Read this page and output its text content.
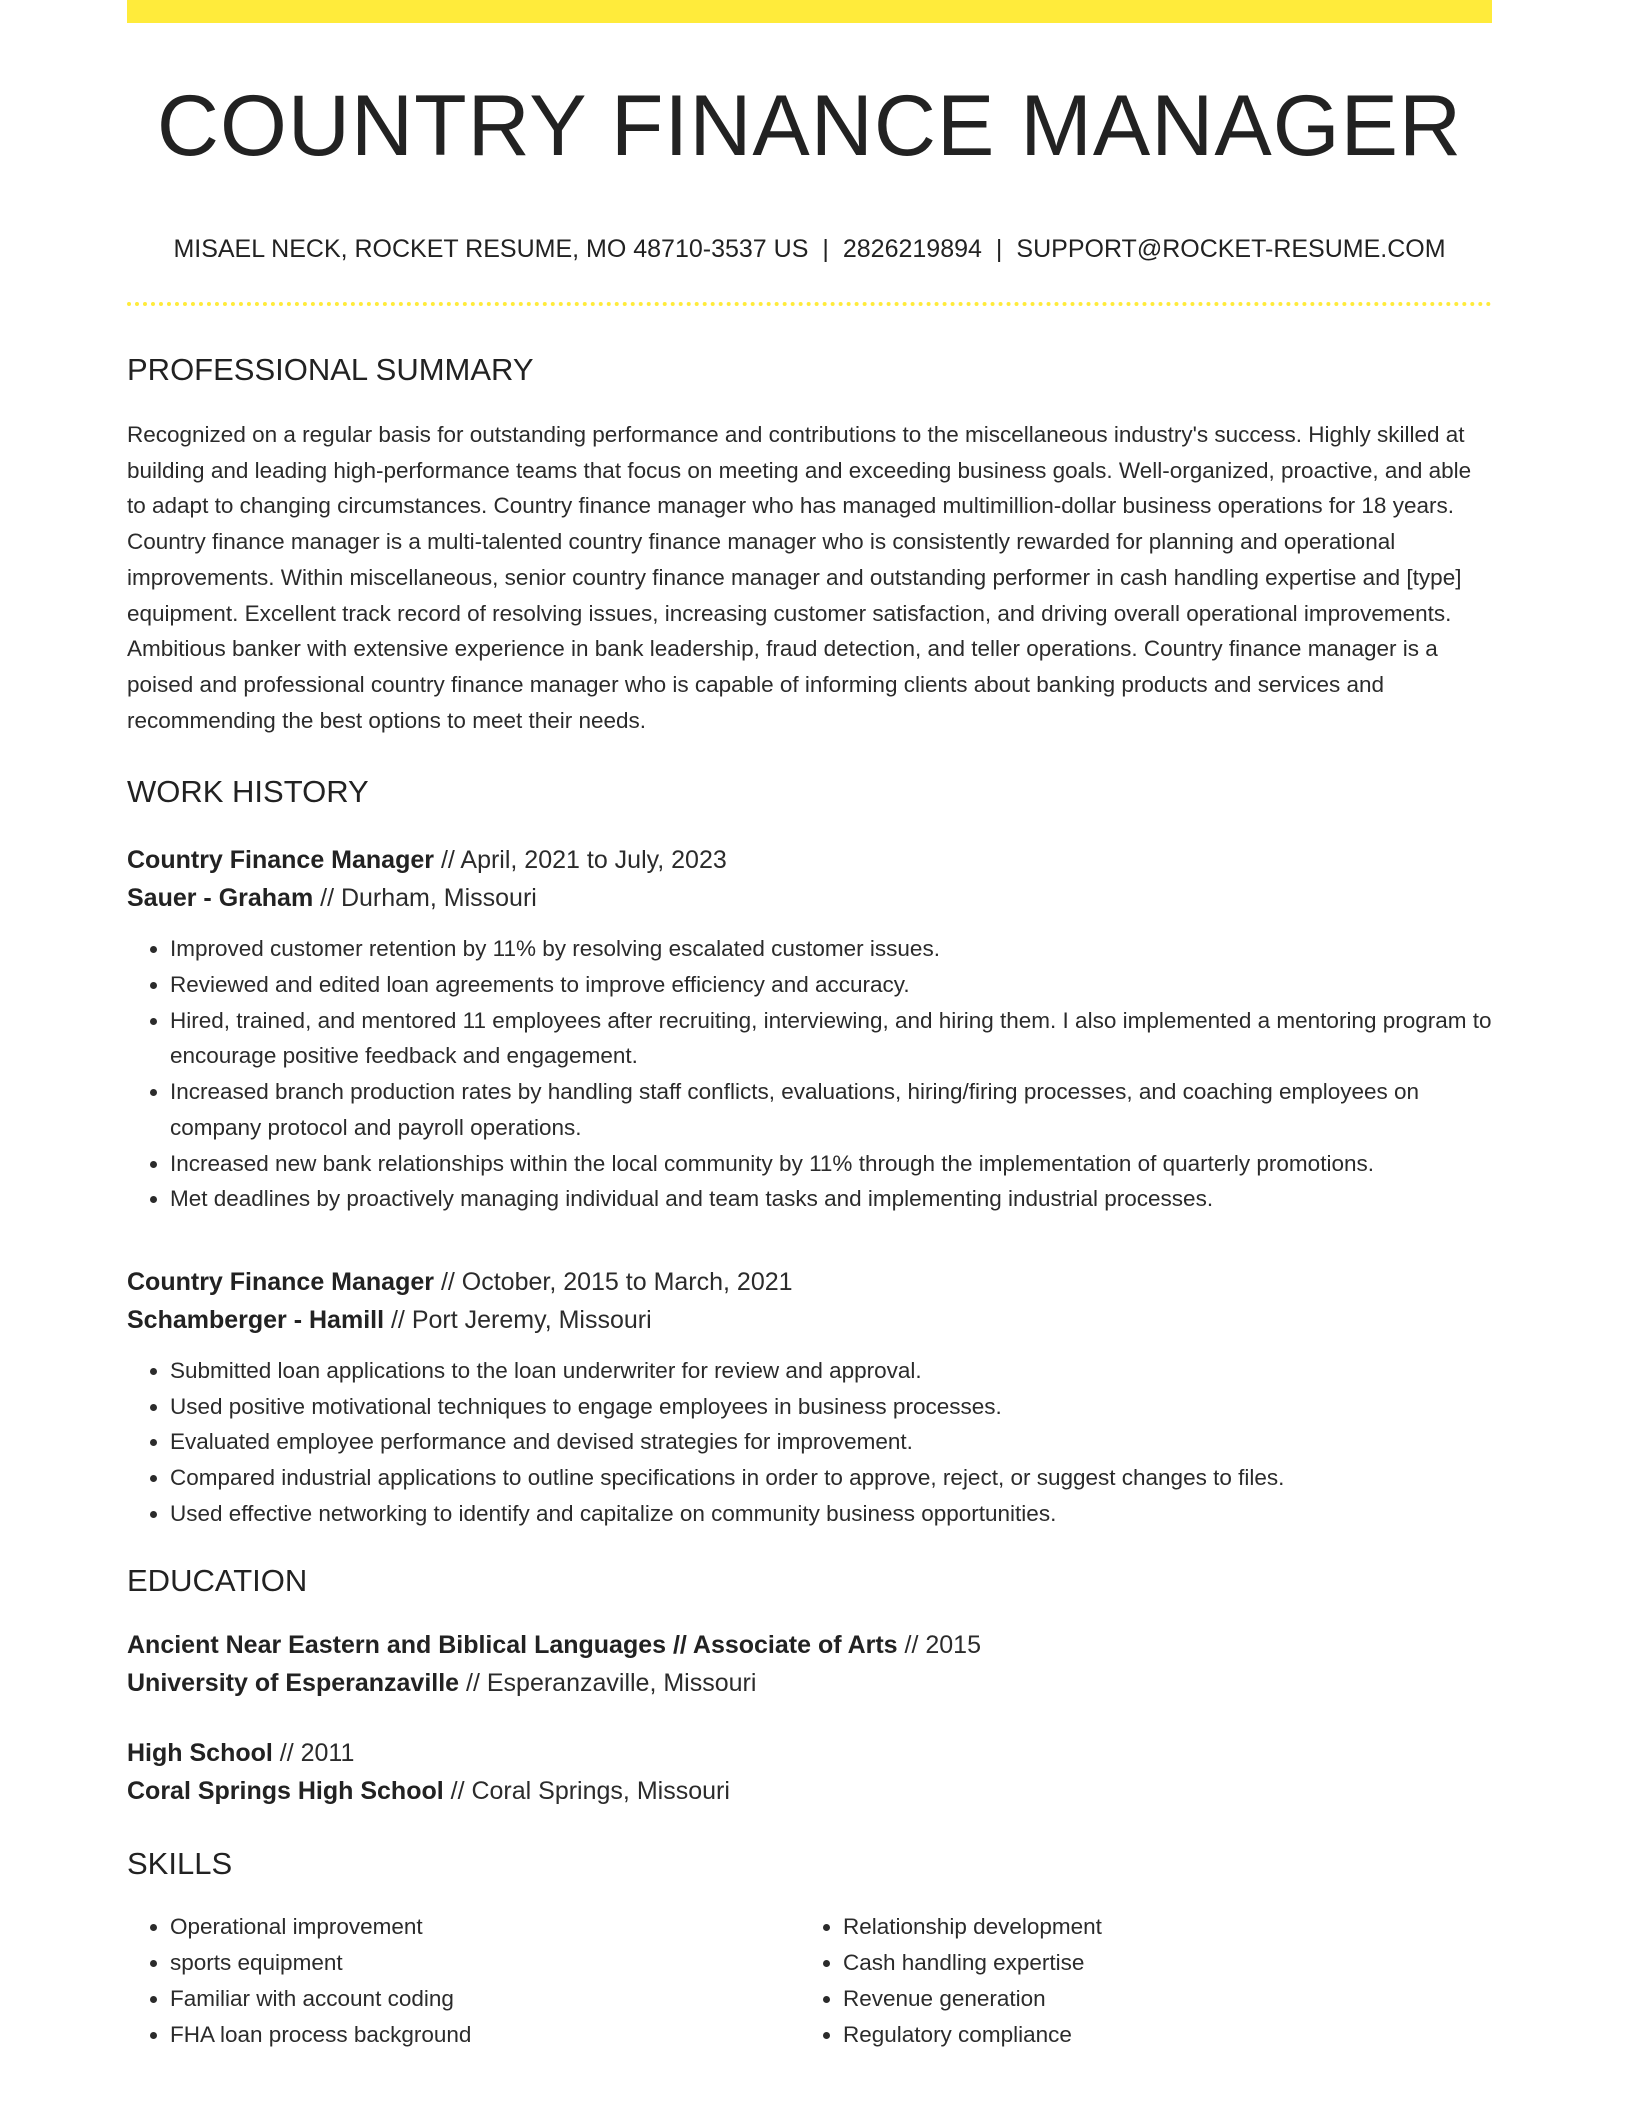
COUNTRY FINANCE MANAGER
MISAEL NECK, ROCKET RESUME, MO 48710-3537 US | 2826219894 | SUPPORT@ROCKET-RESUME.COM
PROFESSIONAL SUMMARY
Recognized on a regular basis for outstanding performance and contributions to the miscellaneous industry's success. Highly skilled at building and leading high-performance teams that focus on meeting and exceeding business goals. Well-organized, proactive, and able to adapt to changing circumstances. Country finance manager who has managed multimillion-dollar business operations for 18 years. Country finance manager is a multi-talented country finance manager who is consistently rewarded for planning and operational improvements. Within miscellaneous, senior country finance manager and outstanding performer in cash handling expertise and [type] equipment. Excellent track record of resolving issues, increasing customer satisfaction, and driving overall operational improvements. Ambitious banker with extensive experience in bank leadership, fraud detection, and teller operations. Country finance manager is a poised and professional country finance manager who is capable of informing clients about banking products and services and recommending the best options to meet their needs.
WORK HISTORY
Country Finance Manager // April, 2021 to July, 2023
Sauer - Graham // Durham, Missouri
• Improved customer retention by 11% by resolving escalated customer issues.
• Reviewed and edited loan agreements to improve efficiency and accuracy.
• Hired, trained, and mentored 11 employees after recruiting, interviewing, and hiring them. I also implemented a mentoring program to encourage positive feedback and engagement.
• Increased branch production rates by handling staff conflicts, evaluations, hiring/firing processes, and coaching employees on company protocol and payroll operations.
• Increased new bank relationships within the local community by 11% through the implementation of quarterly promotions.
• Met deadlines by proactively managing individual and team tasks and implementing industrial processes.
Country Finance Manager // October, 2015 to March, 2021
Schamberger - Hamill // Port Jeremy, Missouri
• Submitted loan applications to the loan underwriter for review and approval.
• Used positive motivational techniques to engage employees in business processes.
• Evaluated employee performance and devised strategies for improvement.
• Compared industrial applications to outline specifications in order to approve, reject, or suggest changes to files.
• Used effective networking to identify and capitalize on community business opportunities.
EDUCATION
Ancient Near Eastern and Biblical Languages // Associate of Arts // 2015
University of Esperanzaville // Esperanzaville, Missouri
High School // 2011
Coral Springs High School // Coral Springs, Missouri
SKILLS
• Operational improvement
• sports equipment
• Familiar with account coding
• FHA loan process background
• Relationship development
• Cash handling expertise
• Revenue generation
• Regulatory compliance
